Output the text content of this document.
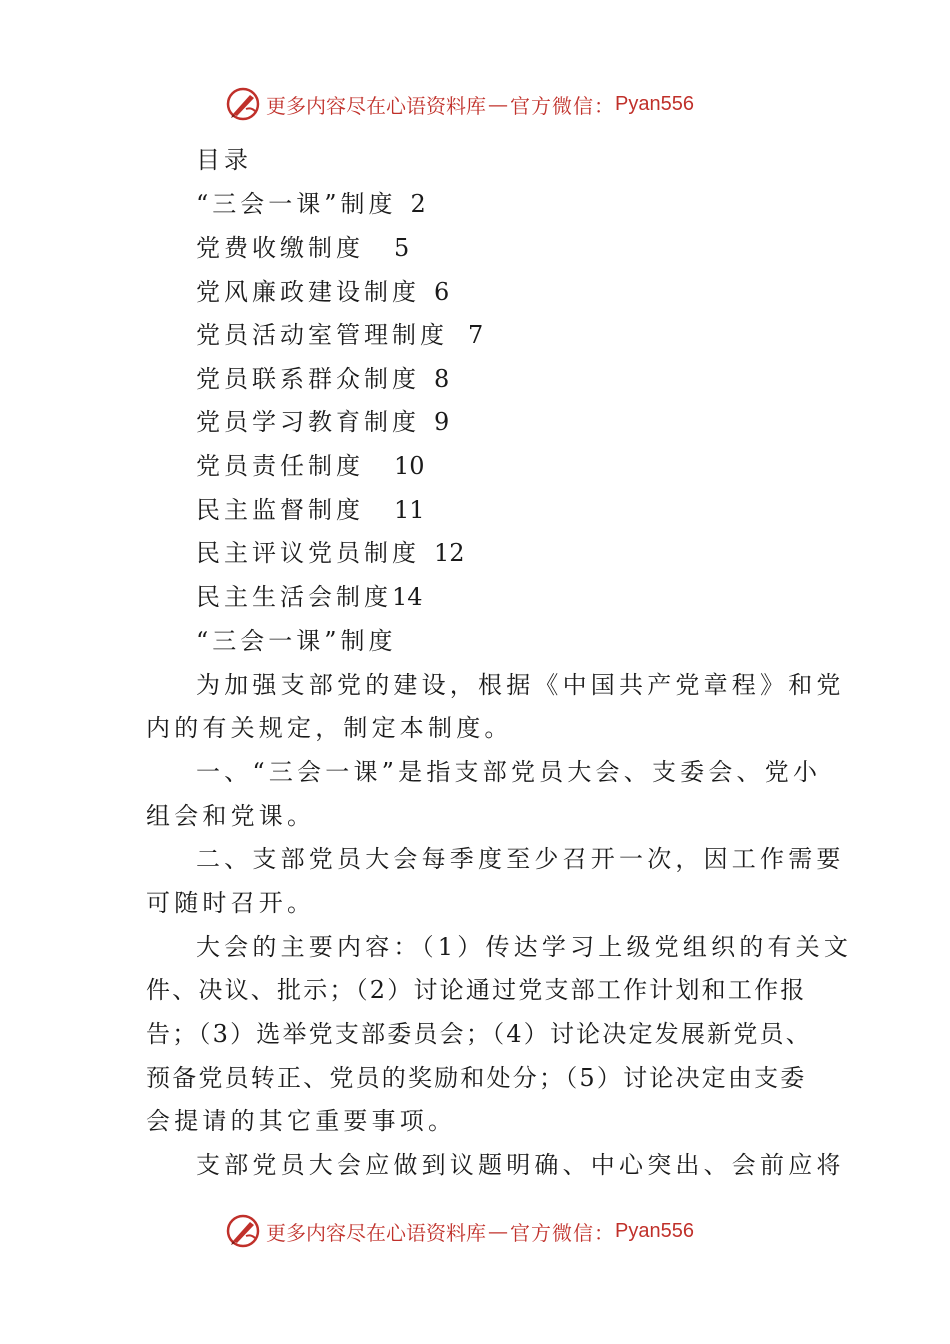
更多内容尽在心语资料库 — 官方微信： Pyan556
目录
“三会一课”制度 2
党费收缴制度 5
党风廉政建设制度 6
党员活动室管理制度 7
党员联系群众制度 8
党员学习教育制度 9
党员责任制度 10
民主监督制度 11
民主评议党员制度 12
民主生活会制度14
“三会一课”制度
为加强支部党的建设，根据《中国共产党章程》和党
内的有关规定，制定本制度。
一、“三会一课”是指支部党员大会、支委会、党小
组会和党课。
二、支部党员大会每季度至少召开一次，因工作需要
可随时召开。
大会的主要内容：（1）传达学习上级党组织的有关文
件、决议、批示；（2）讨论通过党支部工作计划和工作报
告；（3）选举党支部委员会；（4）讨论决定发展新党员、
预备党员转正、党员的奖励和处分；（5）讨论决定由支委
会提请的其它重要事项。
支部党员大会应做到议题明确、中心突出、会前应将
更多内容尽在心语资料库 — 官方微信： Pyan556
